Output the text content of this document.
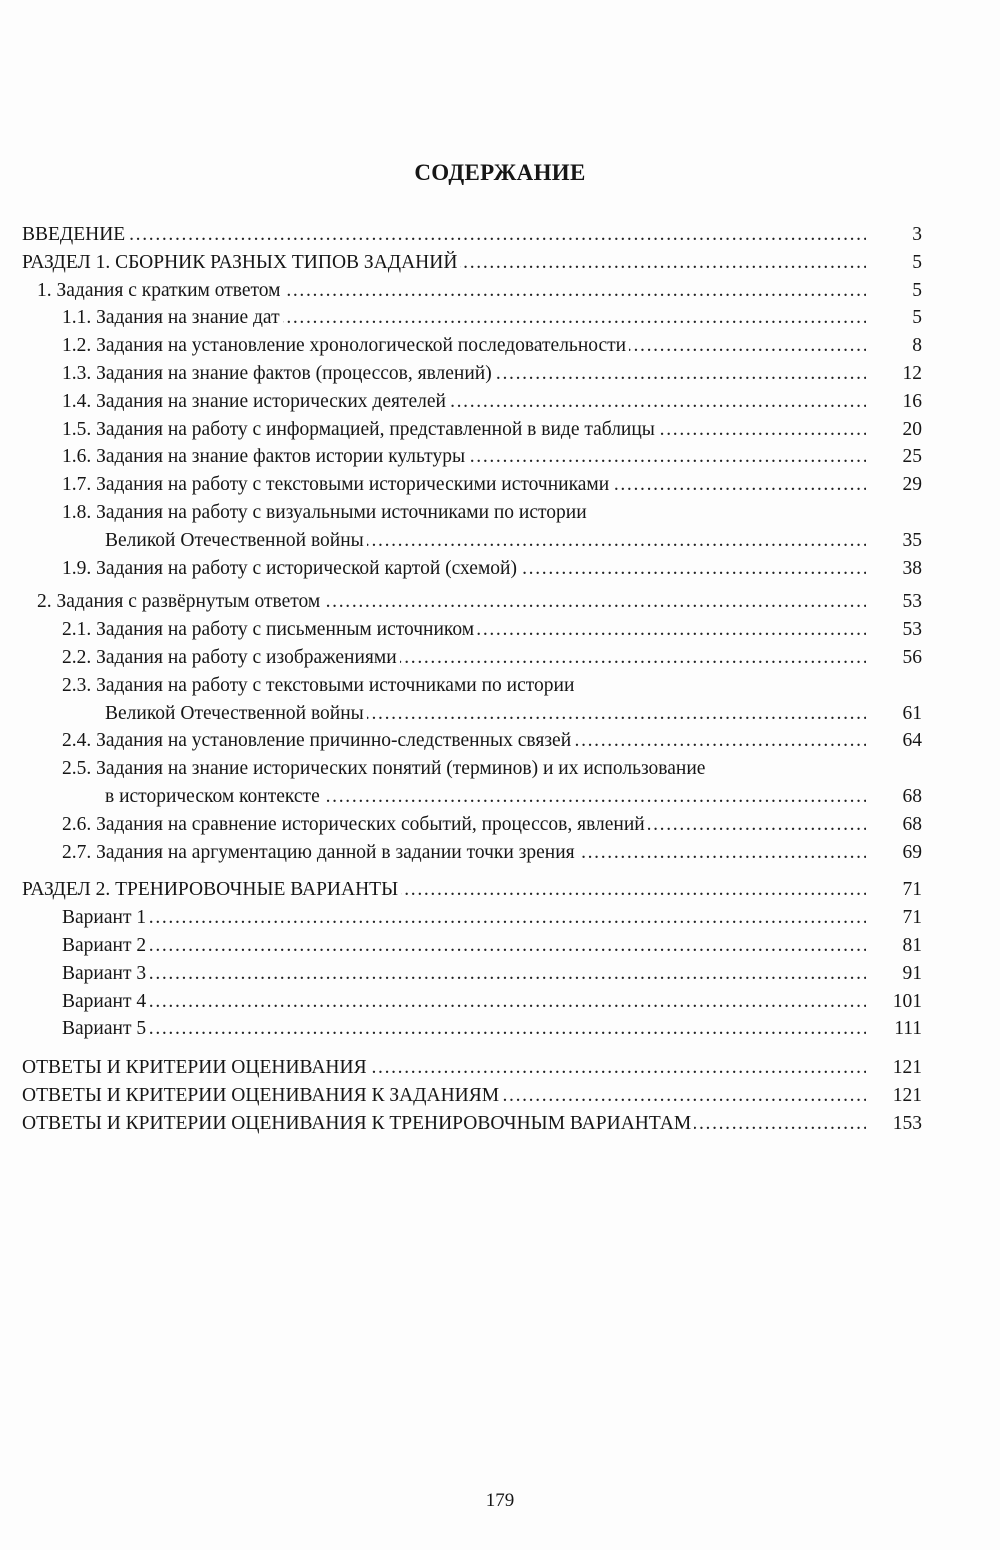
СОДЕРЖАНИЕ
ВВЕДЕНИЕ . . .	3
РАЗДЕЛ 1. СБОРНИК РАЗНЫХ ТИПОВ ЗАДАНИЙ . . .	5
1. Задания с кратким ответом . . .	5
1.1. Задания на знание дат . . .	5
1.2. Задания на установление хронологической последовательности . . .	8
1.3. Задания на знание фактов (процессов, явлений) . . .	12
1.4. Задания на знание исторических деятелей . . .	16
1.5. Задания на работу с информацией, представленной в виде таблицы . . .	20
1.6. Задания на знание фактов истории культуры . . .	25
1.7. Задания на работу с текстовыми историческими источниками . . .	29
1.8. Задания на работу с визуальными источниками по истории
Великой Отечественной войны . . .	35
1.9. Задания на работу с исторической картой (схемой) . . .	38
2. Задания с развёрнутым ответом . . .	53
2.1. Задания на работу с письменным источником . . .	53
2.2. Задания на работу с изображениями . . .	56
2.3. Задания на работу с текстовыми источниками по истории
Великой Отечественной войны . . .	61
2.4. Задания на установление причинно-следственных связей . . .	64
2.5. Задания на знание исторических понятий (терминов) и их использование
в историческом контексте . . .	68
2.6. Задания на сравнение исторических событий, процессов, явлений . . .	68
2.7. Задания на аргументацию данной в задании точки зрения . . .	69
РАЗДЕЛ 2. ТРЕНИРОВОЧНЫЕ ВАРИАНТЫ . . .	71
Вариант 1 . . .	71
Вариант 2 . . .	81
Вариант 3 . . .	91
Вариант 4 . . .	101
Вариант 5 . . .	111
ОТВЕТЫ И КРИТЕРИИ ОЦЕНИВАНИЯ . . .	121
ОТВЕТЫ И КРИТЕРИИ ОЦЕНИВАНИЯ К ЗАДАНИЯМ . . .	121
ОТВЕТЫ И КРИТЕРИИ ОЦЕНИВАНИЯ К ТРЕНИРОВОЧНЫМ ВАРИАНТАМ . . .	153
179
